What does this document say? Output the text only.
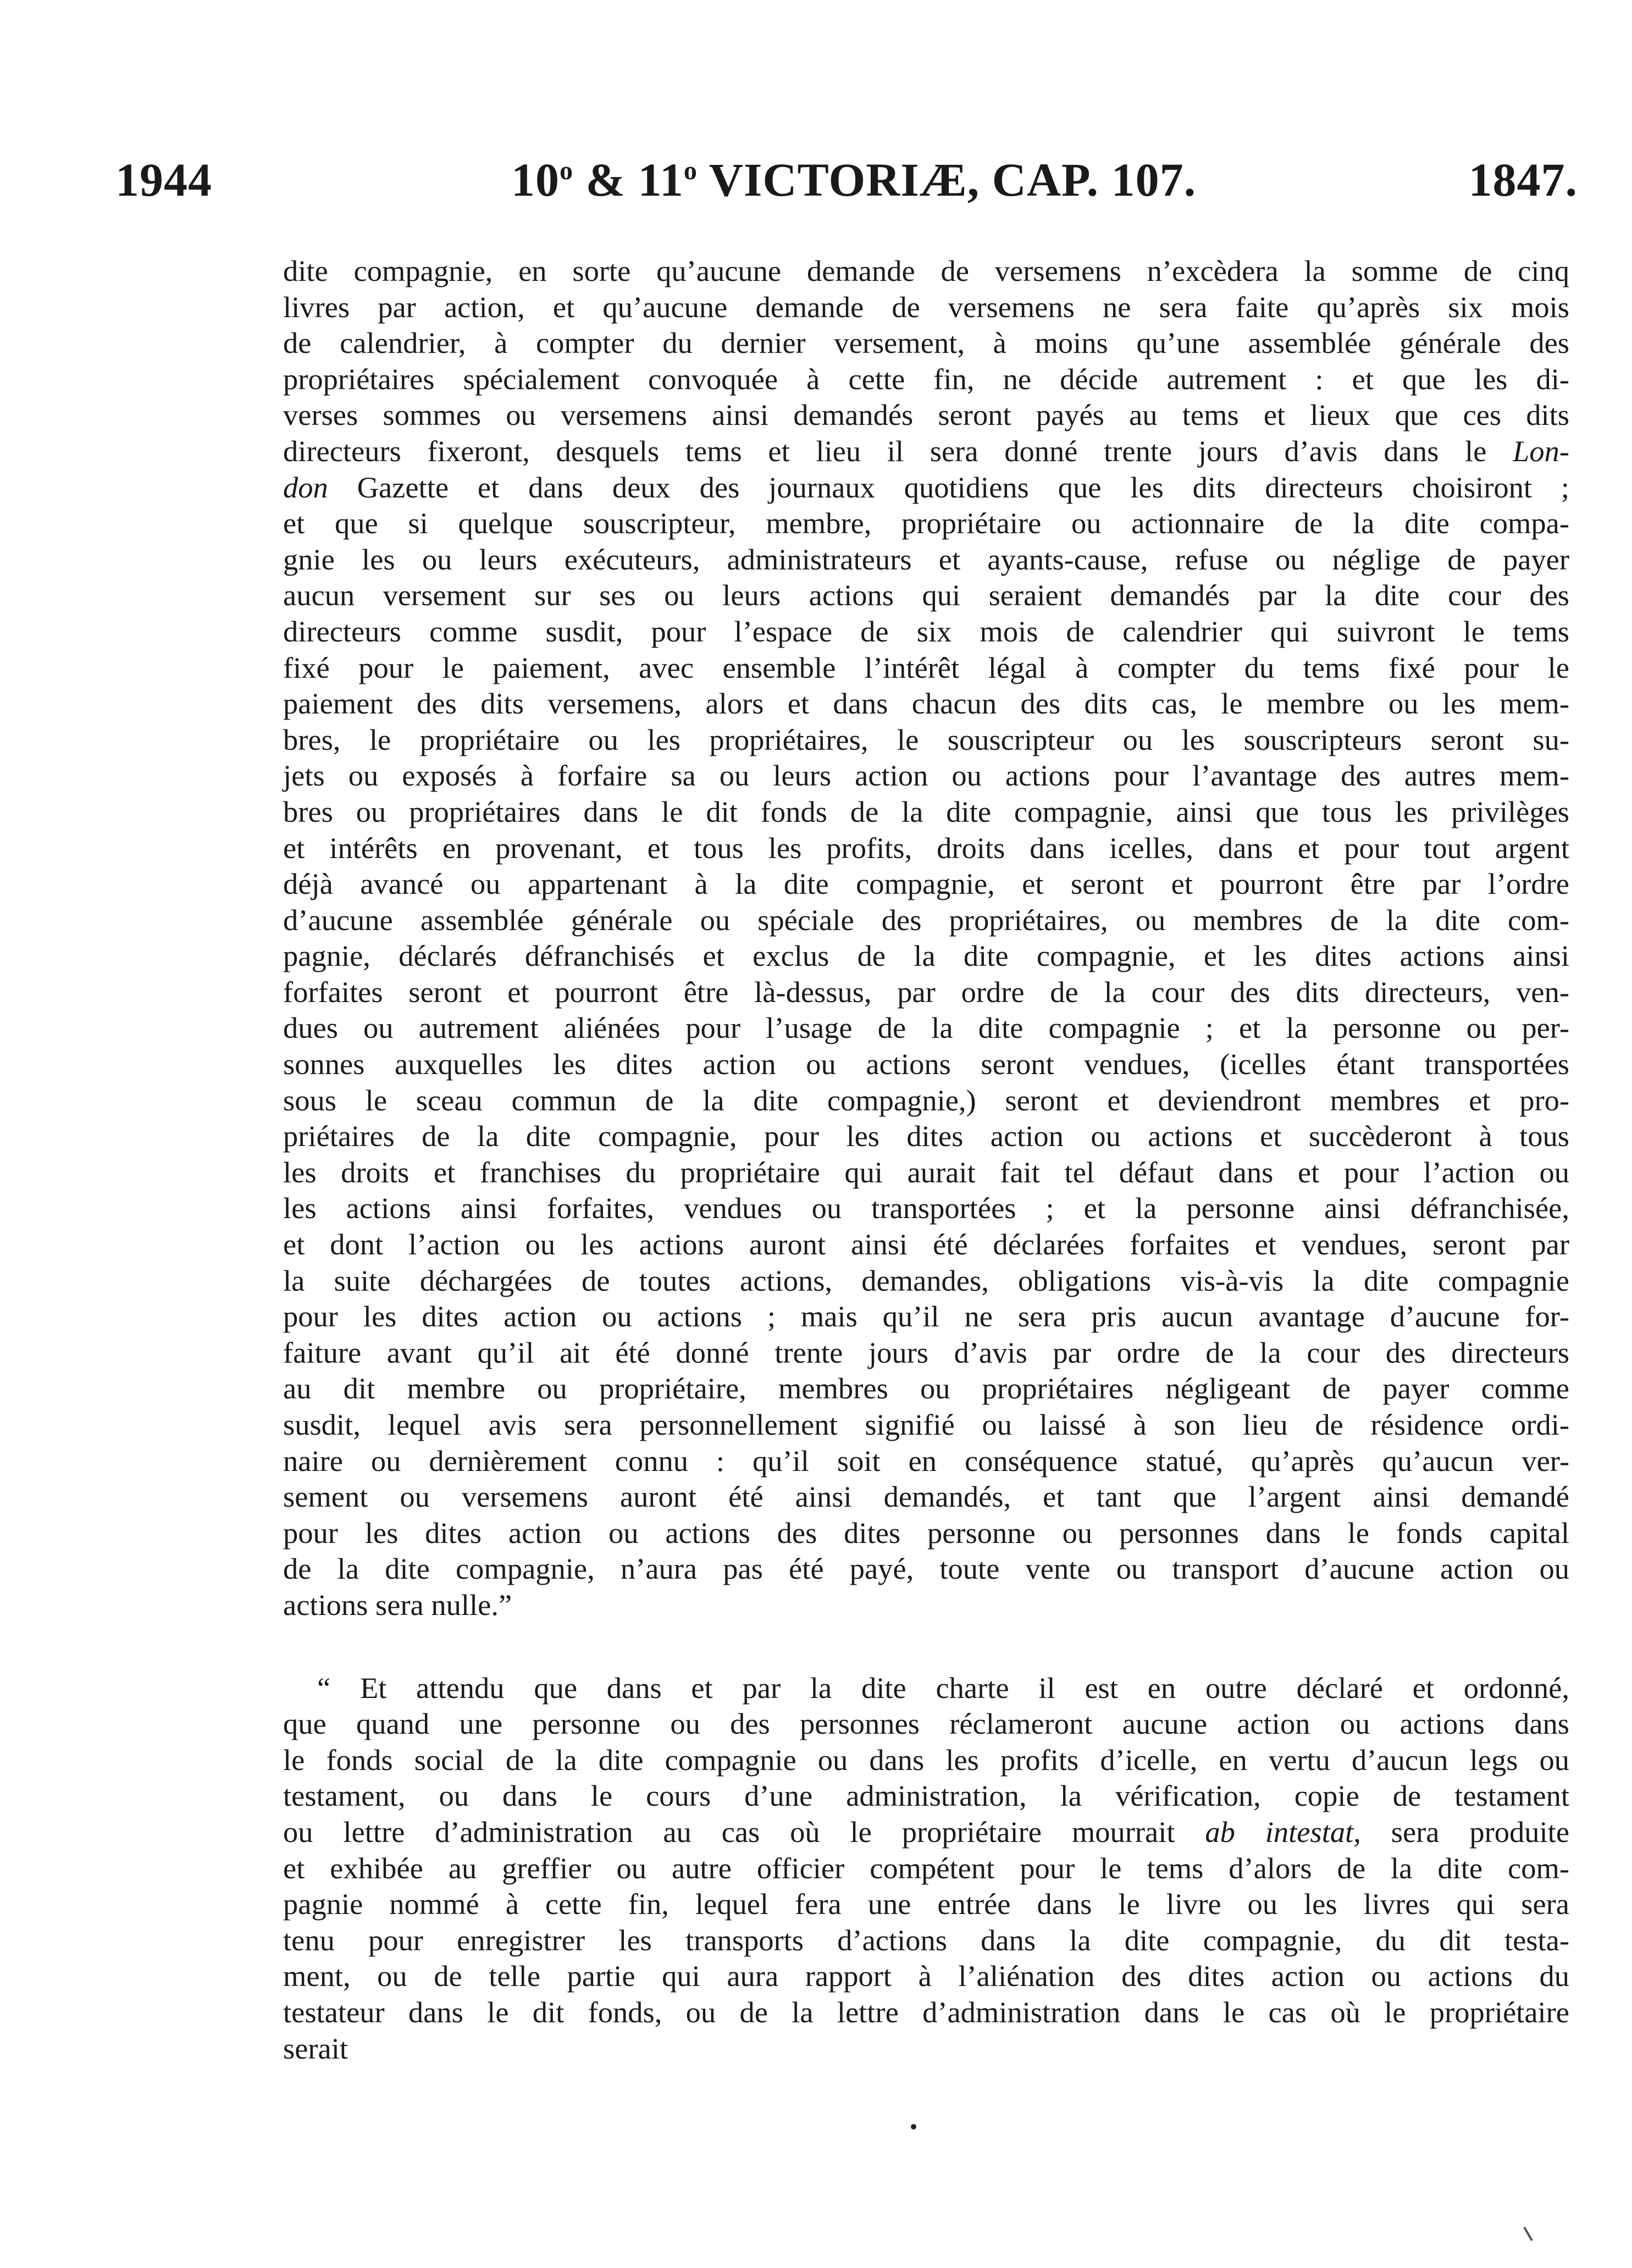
1944	10$^o$ & 11$^o$ VICTORIÆ, CAP. 107.	1847.
dite compagnie, en sorte qu’aucune demande de versemens n’excèdera la somme de cinq
livres par action, et qu’aucune demande de versemens ne sera faite qu’après six mois
de calendrier, à compter du dernier versement, à moins qu’une assemblée générale des
propriétaires spécialement convoquée à cette fin, ne décide autrement : et que les di-
verses sommes ou versemens ainsi demandés seront payés au tems et lieux que ces dits
directeurs fixeront, desquels tems et lieu il sera donné trente jours d’avis dans le Lon-
don Gazette et dans deux des journaux quotidiens que les dits directeurs choisiront ;
et que si quelque souscripteur, membre, propriétaire ou actionnaire de la dite compa-
gnie les ou leurs exécuteurs, administrateurs et ayants-cause, refuse ou néglige de payer
aucun versement sur ses ou leurs actions qui seraient demandés par la dite cour des
directeurs comme susdit, pour l’espace de six mois de calendrier qui suivront le tems
fixé pour le paiement, avec ensemble l’intérêt légal à compter du tems fixé pour le
paiement des dits versemens, alors et dans chacun des dits cas, le membre ou les mem-
bres, le propriétaire ou les propriétaires, le souscripteur ou les souscripteurs seront su-
jets ou exposés à forfaire sa ou leurs action ou actions pour l’avantage des autres mem-
bres ou propriétaires dans le dit fonds de la dite compagnie, ainsi que tous les privilèges
et intérêts en provenant, et tous les profits, droits dans icelles, dans et pour tout argent
déjà avancé ou appartenant à la dite compagnie, et seront et pourront être par l’ordre
d’aucune assemblée générale ou spéciale des propriétaires, ou membres de la dite com-
pagnie, déclarés défranchisés et exclus de la dite compagnie, et les dites actions ainsi
forfaites seront et pourront être là-dessus, par ordre de la cour des dits directeurs, ven-
dues ou autrement aliénées pour l’usage de la dite compagnie ; et la personne ou per-
sonnes auxquelles les dites action ou actions seront vendues, (icelles étant transportées
sous le sceau commun de la dite compagnie,) seront et deviendront membres et pro-
priétaires de la dite compagnie, pour les dites action ou actions et succèderont à tous
les droits et franchises du propriétaire qui aurait fait tel défaut dans et pour l’action ou
les actions ainsi forfaites, vendues ou transportées ; et la personne ainsi défranchisée,
et dont l’action ou les actions auront ainsi été déclarées forfaites et vendues, seront par
la suite déchargées de toutes actions, demandes, obligations vis-à-vis la dite compagnie
pour les dites action ou actions ; mais qu’il ne sera pris aucun avantage d’aucune for-
faiture avant qu’il ait été donné trente jours d’avis par ordre de la cour des directeurs
au dit membre ou propriétaire, membres ou propriétaires négligeant de payer comme
susdit, lequel avis sera personnellement signifié ou laissé à son lieu de résidence ordi-
naire ou dernièrement connu : qu’il soit en conséquence statué, qu’après qu’aucun ver-
sement ou versemens auront été ainsi demandés, et tant que l’argent ainsi demandé
pour les dites action ou actions des dites personne ou personnes dans le fonds capital
de la dite compagnie, n’aura pas été payé, toute vente ou transport d’aucune action ou
actions sera nulle.”
“ Et attendu que dans et par la dite charte il est en outre déclaré et ordonné,
que quand une personne ou des personnes réclameront aucune action ou actions dans
le fonds social de la dite compagnie ou dans les profits d’icelle, en vertu d’aucun legs ou
testament, ou dans le cours d’une administration, la vérification, copie de testament
ou lettre d’administration au cas où le propriétaire mourrait ab intestat, sera produite
et exhibée au greffier ou autre officier compétent pour le tems d’alors de la dite com-
pagnie nommé à cette fin, lequel fera une entrée dans le livre ou les livres qui sera
tenu pour enregistrer les transports d’actions dans la dite compagnie, du dit testa-
ment, ou de telle partie qui aura rapport à l’aliénation des dites action ou actions du
testateur dans le dit fonds, ou de la lettre d’administration dans le cas où le propriétaire
serait
